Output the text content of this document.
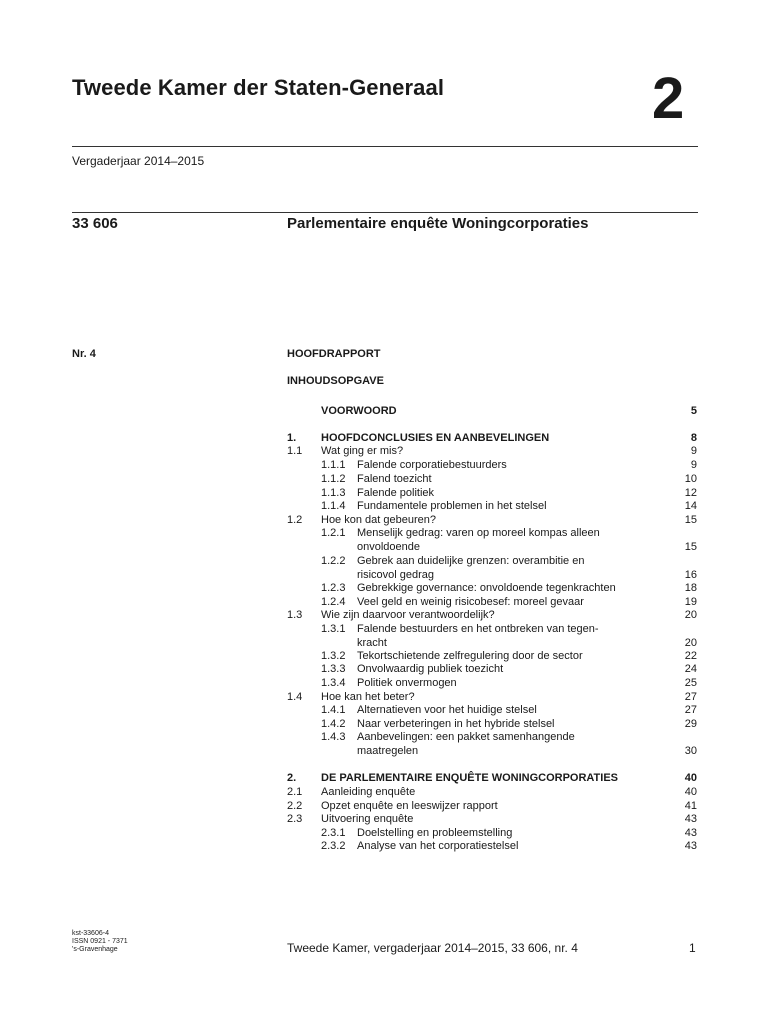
Tweede Kamer der Staten-Generaal	2
Vergaderjaar 2014–2015
33 606	Parlementaire enquête Woningcorporaties
Nr. 4	HOOFDRAPPORT
INHOUDSOPGAVE
VOORWOORD	5
1. HOOFDCONCLUSIES EN AANBEVELINGEN	8
1.1 Wat ging er mis?	9
1.1.1 Falende corporatiebestuurders	9
1.1.2 Falend toezicht	10
1.1.3 Falende politiek	12
1.1.4 Fundamentele problemen in het stelsel	14
1.2 Hoe kon dat gebeuren?	15
1.2.1 Menselijk gedrag: varen op moreel kompas alleen
onvoldoende	15
1.2.2 Gebrek aan duidelijke grenzen: overambitie en
risicovol gedrag	16
1.2.3 Gebrekkige governance: onvoldoende tegenkrachten	18
1.2.4 Veel geld en weinig risicobesef: moreel gevaar	19
1.3 Wie zijn daarvoor verantwoordelijk?	20
1.3.1 Falende bestuurders en het ontbreken van tegen-
kracht	20
1.3.2 Tekortschietende zelfregulering door de sector	22
1.3.3 Onvolwaardig publiek toezicht	24
1.3.4 Politiek onvermogen	25
1.4 Hoe kan het beter?	27
1.4.1 Alternatieven voor het huidige stelsel	27
1.4.2 Naar verbeteringen in het hybride stelsel	29
1.4.3 Aanbevelingen: een pakket samenhangende
maatregelen	30
2. DE PARLEMENTAIRE ENQUÊTE WONINGCORPORATIES	40
2.1 Aanleiding enquête	40
2.2 Opzet enquête en leeswijzer rapport	41
2.3 Uitvoering enquête	43
2.3.1 Doelstelling en probleemstelling	43
2.3.2 Analyse van het corporatiestelsel	43
kst-33606-4
ISSN 0921 - 7371
's-Gravenhage	Tweede Kamer, vergaderjaar 2014–2015, 33 606, nr. 4	1
